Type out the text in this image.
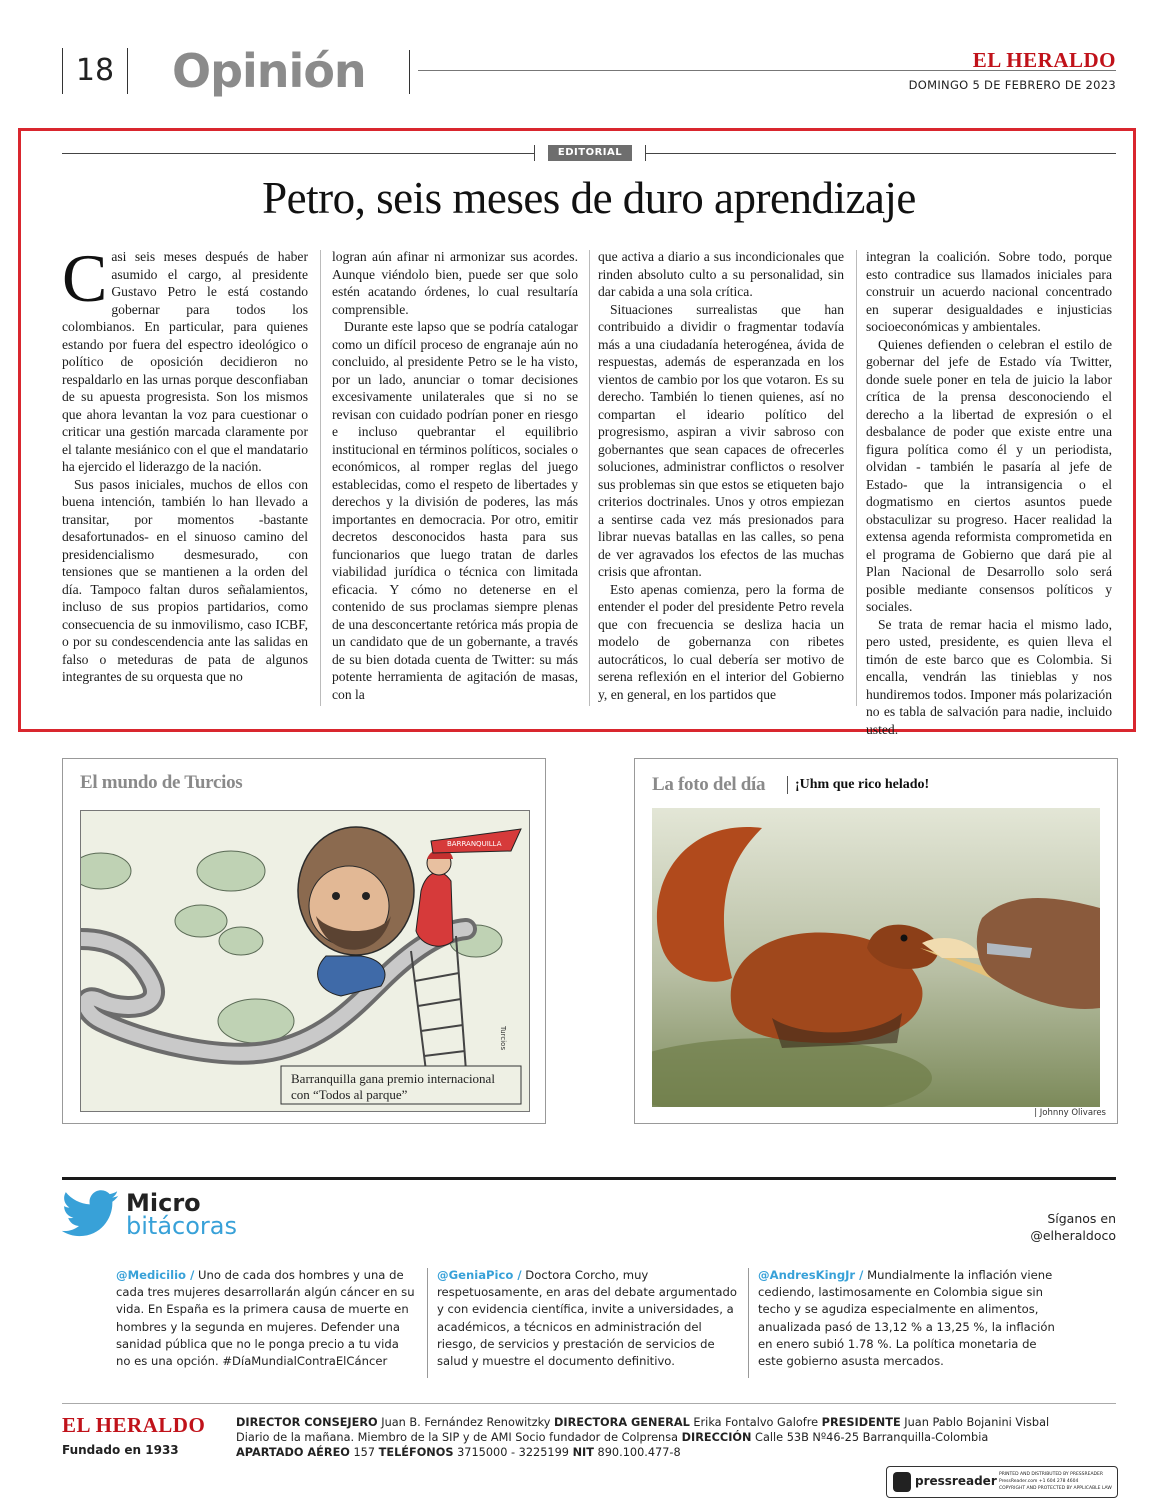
18	Opinión	EL HERALDO
DOMINGO 5 DE FEBRERO DE 2023
EDITORIAL
Petro, seis meses de duro aprendizaje

Casi seis meses después de haber asumido el cargo, al presidente Gustavo Petro le está costando gobernar para todos los colombianos. En particular, para quienes estando por fuera del espectro ideológico o político de oposición decidieron no respaldarlo en las urnas porque desconfiaban de su apuesta progresista. Son los mismos que ahora levantan la voz para cuestionar o criticar una gestión marcada claramente por el talante mesiánico con el que el mandatario ha ejercido el liderazgo de la nación.

Sus pasos iniciales, muchos de ellos con buena intención, también lo han llevado a transitar, por momentos -bastante desafortunados- en el sinuoso camino del presidencialismo desmesurado, con tensiones que se mantienen a la orden del día. Tampoco faltan duros señalamientos, incluso de sus propios partidarios, como consecuencia de su inmovilismo, caso ICBF, o por su condescendencia ante las salidas en falso o meteduras de pata de algunos integrantes de su orquesta que no

logran aún afinar ni armonizar sus acordes. Aunque viéndolo bien, puede ser que solo estén acatando órdenes, lo cual resultaría comprensible.

Durante este lapso que se podría catalogar como un difícil proceso de engranaje aún no concluido, al presidente Petro se le ha visto, por un lado, anunciar o tomar decisiones excesivamente unilaterales que si no se revisan con cuidado podrían poner en riesgo e incluso quebrantar el equilibrio institucional en términos políticos, sociales o económicos, al romper reglas del juego establecidas, como el respeto de libertades y derechos y la división de poderes, las más importantes en democracia. Por otro, emitir decretos desconocidos hasta para sus funcionarios que luego tratan de darles viabilidad jurídica o técnica con limitada eficacia. Y cómo no detenerse en el contenido de sus proclamas siempre plenas de una desconcertante retórica más propia de un candidato que de un gobernante, a través de su bien dotada cuenta de Twitter: su más potente herramienta de agitación de masas, con la

que activa a diario a sus incondicionales que rinden absoluto culto a su personalidad, sin dar cabida a una sola crítica.

Situaciones surrealistas que han contribuido a dividir o fragmentar todavía más a una ciudadanía heterogénea, ávida de respuestas, además de esperanzada en los vientos de cambio por los que votaron. Es su derecho. También lo tienen quienes, así no compartan el ideario político del progresismo, aspiran a vivir sabroso con gobernantes que sean capaces de ofrecerles soluciones, administrar conflictos o resolver sus problemas sin que estos se etiqueten bajo criterios doctrinales. Unos y otros empiezan a sentirse cada vez más presionados para librar nuevas batallas en las calles, so pena de ver agravados los efectos de las muchas crisis que afrontan.

Esto apenas comienza, pero la forma de entender el poder del presidente Petro revela que con frecuencia se desliza hacia un modelo de gobernanza con ribetes autocráticos, lo cual debería ser motivo de serena reflexión en el interior del Gobierno y, en general, en los partidos que

integran la coalición. Sobre todo, porque esto contradice sus llamados iniciales para construir un acuerdo nacional concentrado en superar desigualdades e injusticias socioeconómicas y ambientales.

Quienes defienden o celebran el estilo de gobernar del jefe de Estado vía Twitter, donde suele poner en tela de juicio la labor crítica de la prensa desconociendo el derecho a la libertad de expresión o el desbalance de poder que existe entre una figura política como él y un periodista, olvidan - también le pasaría al jefe de Estado- que la intransigencia o el dogmatismo en ciertos asuntos puede obstaculizar su progreso. Hacer realidad la extensa agenda reformista comprometida en el programa de Gobierno que dará pie al Plan Nacional de Desarrollo solo será posible mediante consensos políticos y sociales.

Se trata de remar hacia el mismo lado, pero usted, presidente, es quien lleva el timón de este barco que es Colombia. Si encalla, vendrán las tinieblas y nos hundiremos todos. Imponer más polarización no es tabla de salvación para nadie, incluido usted.

El mundo de Turcios
BARRANQUILLA
Turcios
Barranquilla gana premio internacional
con “Todos al parque”
La foto del día ¡Uhm que rico helado!
| Johnny Olivares
Micro
bitácoras	Síganos en
@elheraldoco
@Medicilio / Uno de cada dos hombres y una de cada tres mujeres desarrollarán algún cáncer en su vida. En España es la primera causa de muerte en hombres y la segunda en mujeres. Defender una sanidad pública que no le ponga precio a tu vida no es una opción. #DíaMundialContraElCáncer
@GeniaPico / Doctora Corcho, muy respetuosamente, en aras del debate argumentado y con evidencia científica, invite a universidades, a académicos, a técnicos en administración del riesgo, de servicios y prestación de servicios de salud y muestre el documento definitivo.
@AndresKingJr / Mundialmente la inflación viene cediendo, lastimosamente en Colombia sigue sin techo y se agudiza especialmente en alimentos, anualizada pasó de 13,12 % a 13,25 %, la inflación en enero subió 1.78 %. La política monetaria de este gobierno asusta mercados.
EL HERALDO
Fundado en 1933
DIRECTOR CONSEJERO Juan B. Fernández Renowitzky DIRECTORA GENERAL Erika Fontalvo Galofre PRESIDENTE Juan Pablo Bojanini Visbal
Diario de la mañana. Miembro de la SIP y de AMI Socio fundador de Colprensa DIRECCIÓN Calle 53B Nº46-25 Barranquilla-Colombia
APARTADO AÉREO 157 TELÉFONOS 3715000 - 3225199 NIT 890.100.477-8
pressreader PRINTED AND DISTRIBUTED BY PRESSREADER
PressReader.com +1 604 278 4604
COPYRIGHT AND PROTECTED BY APPLICABLE LAW
